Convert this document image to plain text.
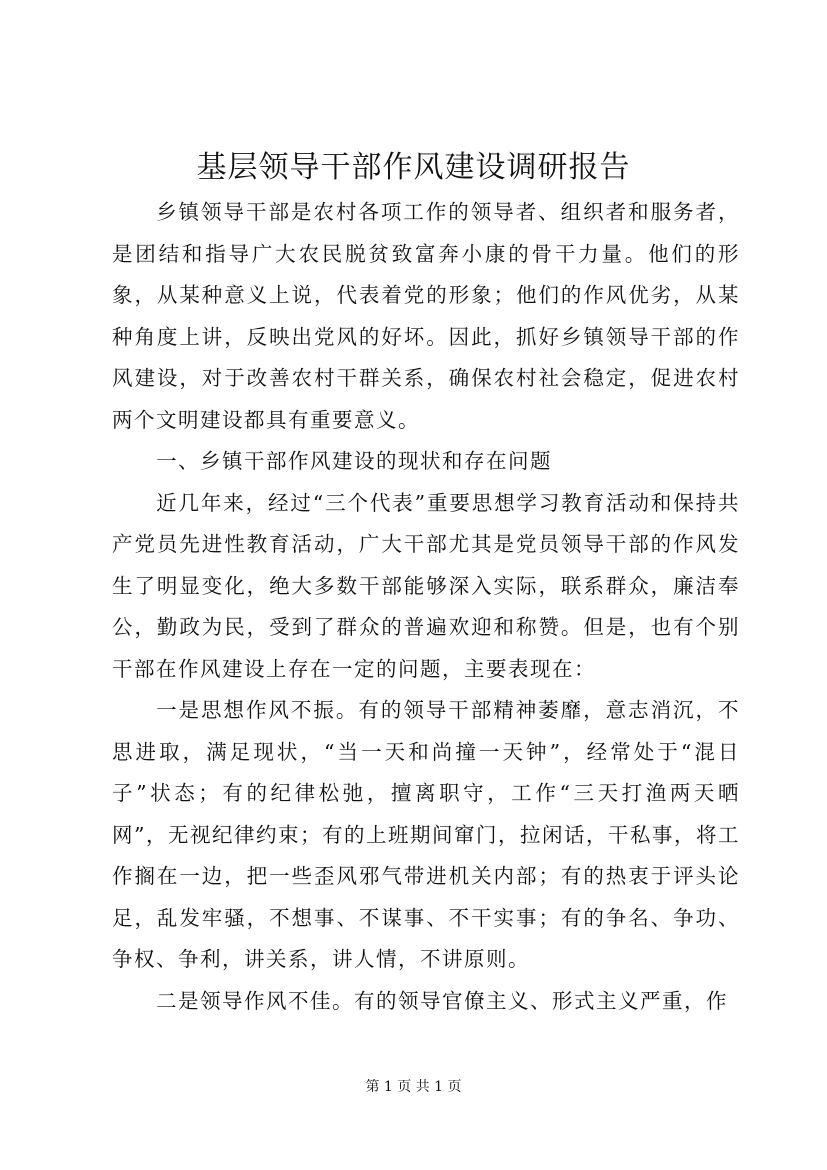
基层领导干部作风建设调研报告

乡镇领导干部是农村各项工作的领导者、组织者和服务者，是团结和指导广大农民脱贫致富奔小康的骨干力量。他们的形象，从某种意义上说，代表着党的形象；他们的作风优劣，从某种角度上讲，反映出党风的好坏。因此，抓好乡镇领导干部的作风建设，对于改善农村干群关系，确保农村社会稳定，促进农村两个文明建设都具有重要意义。

一、乡镇干部作风建设的现状和存在问题

近几年来，经过“三个代表”重要思想学习教育活动和保持共产党员先进性教育活动，广大干部尤其是党员领导干部的作风发生了明显变化，绝大多数干部能够深入实际，联系群众，廉洁奉公，勤政为民，受到了群众的普遍欢迎和称赞。但是，也有个别干部在作风建设上存在一定的问题，主要表现在：

一是思想作风不振。有的领导干部精神萎靡，意志消沉，不思进取，满足现状，“当一天和尚撞一天钟”，经常处于“混日子”状态；有的纪律松弛，擅离职守，工作“三天打渔两天晒网”，无视纪律约束；有的上班期间窜门，拉闲话，干私事，将工作搁在一边，把一些歪风邪气带进机关内部；有的热衷于评头论足，乱发牢骚，不想事、不谋事、不干实事；有的争名、争功、争权、争利，讲关系，讲人情，不讲原则。

二是领导作风不佳。有的领导官僚主义、形式主义严重，作

第 1 页 共 1 页
